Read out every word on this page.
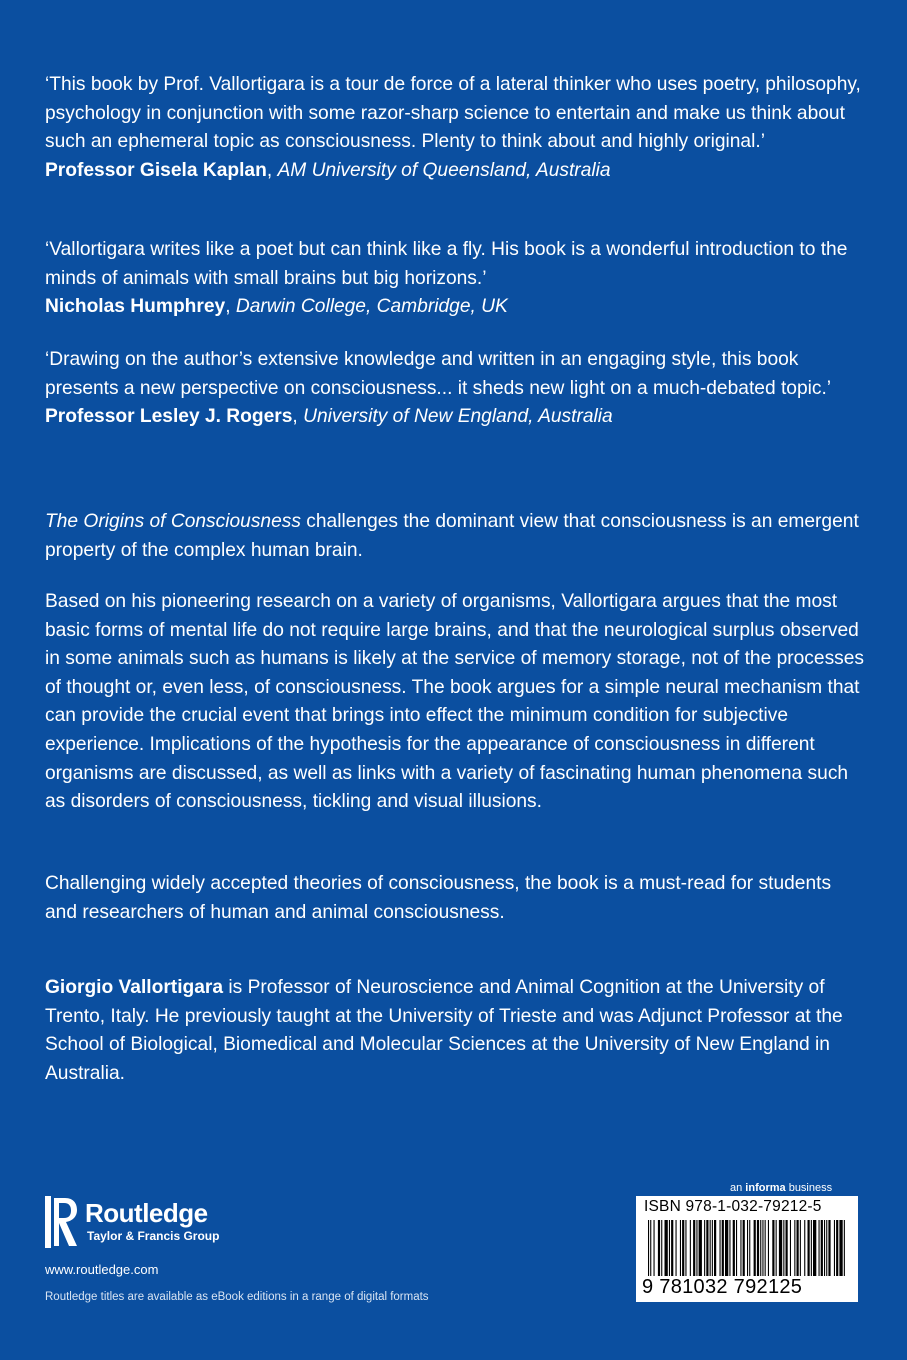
‘This book by Prof. Vallortigara is a tour de force of a lateral thinker who uses poetry, philosophy, psychology in conjunction with some razor-sharp science to entertain and make us think about such an ephemeral topic as consciousness. Plenty to think about and highly original.’

Professor Gisela Kaplan, AM University of Queensland, Australia

‘Vallortigara writes like a poet but can think like a fly. His book is a wonderful introduction to the minds of animals with small brains but big horizons.’

Nicholas Humphrey, Darwin College, Cambridge, UK

‘Drawing on the author’s extensive knowledge and written in an engaging style, this book presents a new perspective on consciousness... it sheds new light on a much-debated topic.’

Professor Lesley J. Rogers, University of New England, Australia

The Origins of Consciousness challenges the dominant view that consciousness is an emergent property of the complex human brain.

Based on his pioneering research on a variety of organisms, Vallortigara argues that the most basic forms of mental life do not require large brains, and that the neurological surplus observed in some animals such as humans is likely at the service of memory storage, not of the processes of thought or, even less, of consciousness. The book argues for a simple neural mechanism that can provide the crucial event that brings into effect the minimum condition for subjective experience. Implications of the hypothesis for the appearance of consciousness in different organisms are discussed, as well as links with a variety of fascinating human phenomena such as disorders of consciousness, tickling and visual illusions.

Challenging widely accepted theories of consciousness, the book is a must-read for students and researchers of human and animal consciousness.

Giorgio Vallortigara is Professor of Neuroscience and Animal Cognition at the University of Trento, Italy. He previously taught at the University of Trieste and was Adjunct Professor at the School of Biological, Biomedical and Molecular Sciences at the University of New England in Australia.

Routledge
Taylor & Francis Group
www.routledge.com
Routledge titles are available as eBook editions in a range of digital formats
an informa business
ISBN 978-1-032-79212-5
9 781032 792125
